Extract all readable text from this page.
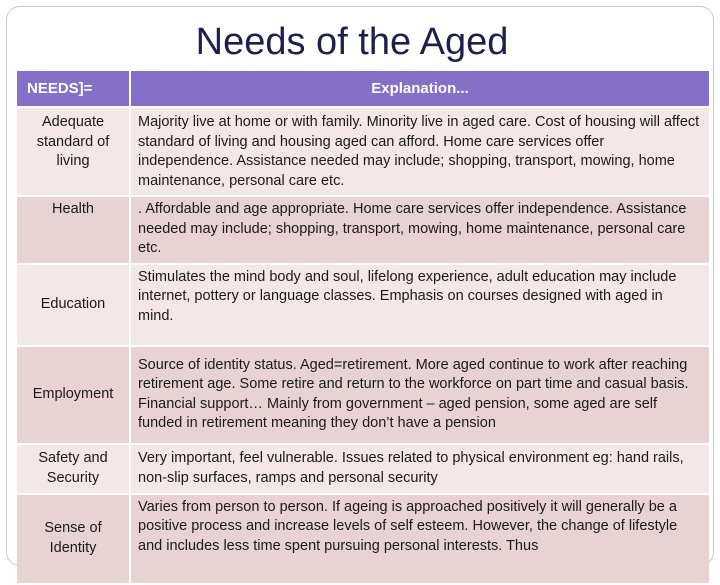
Needs of the Aged
NEEDS]=	Explanation...
Adequate standard of living	Majority live at home or with family. Minority live in aged care. Cost of housing will affect standard of living and housing aged can afford. Home care services offer independence. Assistance needed may include; shopping, transport, mowing, home maintenance, personal care etc.
Health	. Affordable and age appropriate. Home care services offer independence. Assistance needed may include; shopping, transport, mowing, home maintenance, personal care etc.
Education	Stimulates the mind body and soul, lifelong experience, adult education may include internet, pottery or language classes. Emphasis on courses designed with aged in mind.
Employment	Source of identity status. Aged=retirement. More aged continue to work after reaching retirement age. Some retire and return to the workforce on part time and casual basis. Financial support… Mainly from government – aged pension, some aged are self funded in retirement meaning they don’t have a pension
Safety and Security	Very important, feel vulnerable. Issues related to physical environment eg: hand rails, non-slip surfaces, ramps and personal security
Sense of Identity	Varies from person to person. If ageing is approached positively it will generally be a positive process and increase levels of self esteem. However, the change of lifestyle and includes less time spent pursuing personal interests. Thus
